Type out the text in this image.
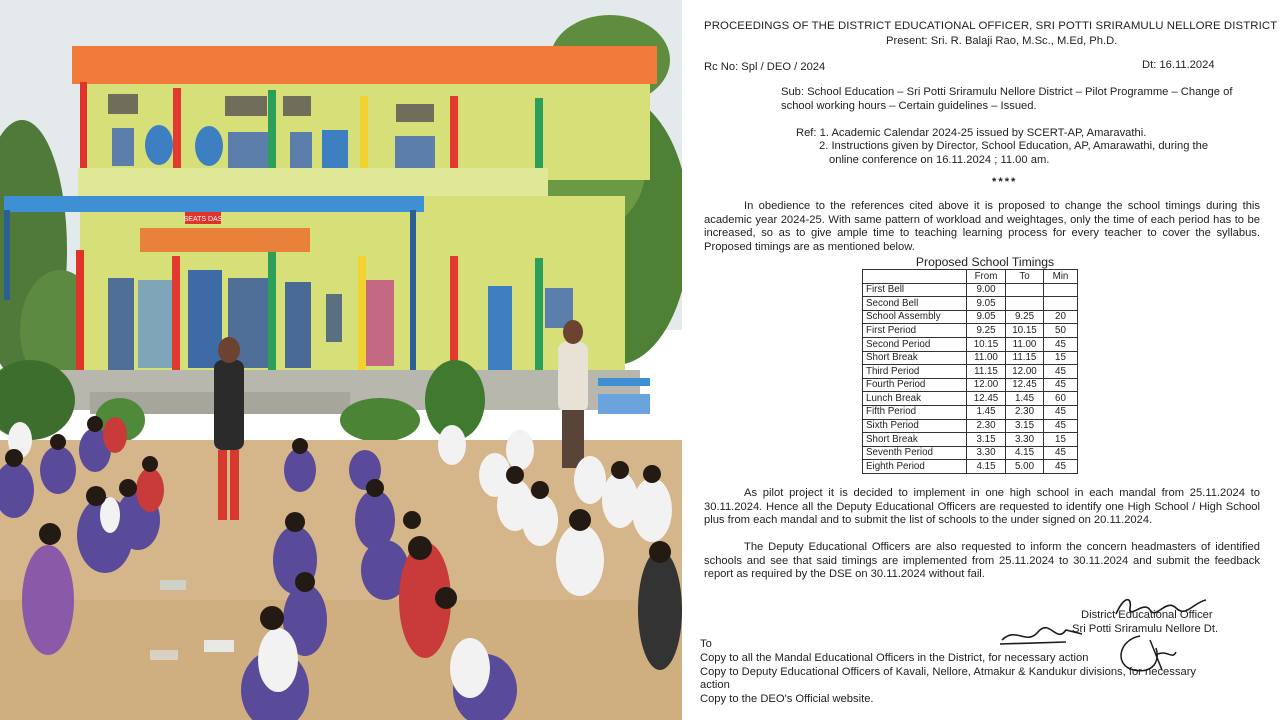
SEATS DAS
PROCEEDINGS OF THE DISTRICT EDUCATIONAL OFFICER, SRI POTTI SRIRAMULU NELLORE DISTRICT
Present: Sri. R. Balaji Rao, M.Sc., M.Ed, Ph.D.
Rc No: Spl / DEO / 2024	Dt: 16.11.2024
Sub: School Education – Sri Potti Sriramulu Nellore District – Pilot Programme – Change of school working hours – Certain guidelines – Issued.
Ref: 1. Academic Calendar 2024-25 issued by SCERT-AP, Amaravathi.
2. Instructions given by Director, School Education, AP, Amarawathi, during the
online conference on 16.11.2024 ; 11.00 am.
****
In obedience to the references cited above it is proposed to change the school timings during this academic year 2024-25. With same pattern of workload and weightages, only the time of each period has to be increased, so as to give ample time to teaching learning process for every teacher to cover the syllabus. Proposed timings are as mentioned below.
Proposed School Timings
	From	To	Min
First Bell	9.00		
Second Bell	9.05		
School Assembly	9.05	9.25	20
First Period	9.25	10.15	50
Second Period	10.15	11.00	45
Short Break	11.00	11.15	15
Third Period	11.15	12.00	45
Fourth Period	12.00	12.45	45
Lunch Break	12.45	1.45	60
Fifth Period	1.45	2.30	45
Sixth Period	2.30	3.15	45
Short Break	3.15	3.30	15
Seventh Period	3.30	4.15	45
Eighth Period	4.15	5.00	45
As pilot project it is decided to implement in one high school in each mandal from 25.11.2024 to 30.11.2024. Hence all the Deputy Educational Officers are requested to identify one High School / High School plus from each mandal and to submit the list of schools to the under signed on 20.11.2024.
The Deputy Educational Officers are also requested to inform the concern headmasters of identified schools and see that said timings are implemented from 25.11.2024 to 30.11.2024 and submit the feedback report as required by the DSE on 30.11.2024 without fail.
District Educational Officer
Sri Potti Sriramulu Nellore Dt.
To
Copy to all the Mandal Educational Officers in the District, for necessary action
Copy to Deputy Educational Officers of Kavali, Nellore, Atmakur & Kandukur divisions, for necessary
action
Copy to the DEO's Official website.
